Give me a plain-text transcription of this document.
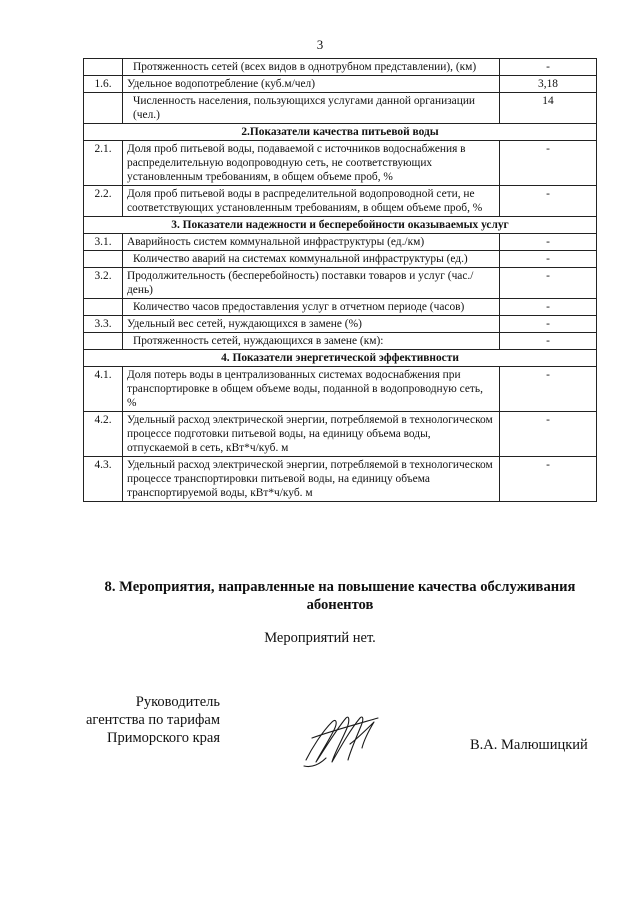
3
	Протяженность сетей (всех видов в однотрубном представлении), (км)	-
1.6.	Удельное водопотребление (куб.м/чел)	3,18
	Численность населения, пользующихся услугами данной организации (чел.)	14
2.Показатели качества питьевой воды		
2.1.	Доля проб питьевой воды, подаваемой с источников водоснабжения в распределительную водопроводную сеть, не соответствующих установленным требованиям, в общем объеме проб, %	-
2.2.	Доля проб питьевой воды в распределительной водопроводной сети, не соответствующих установленным требованиям, в общем объеме проб, %	-
3. Показатели надежности и бесперебойности оказываемых услуг		
3.1.	Аварийность систем коммунальной инфраструктуры (ед./км)	-
	Количество аварий на системах коммунальной инфраструктуры (ед.)	-
3.2.	Продолжительность (бесперебойность) поставки товаров и услуг (час./день)	-
	Количество часов предоставления услуг в отчетном периоде (часов)	-
3.3.	Удельный вес сетей, нуждающихся в замене (%)	-
	Протяженность сетей, нуждающихся в замене (км):	-
4. Показатели энергетической эффективности		
4.1.	Доля потерь воды в централизованных системах водоснабжения при транспортировке в общем объеме воды, поданной в водопроводную сеть, %	-
4.2.	Удельный расход электрической энергии, потребляемой в технологическом процессе подготовки питьевой воды, на единицу объема воды, отпускаемой в сеть, кВт*ч/куб. м	-
4.3.	Удельный расход электрической энергии, потребляемой в технологическом процессе транспортировки питьевой воды, на единицу объема транспортируемой воды, кВт*ч/куб. м	-
8. Мероприятия, направленные на повышение качества обслуживания абонентов
Мероприятий нет.
Руководитель
агентства по тарифам
Приморского края	В.А. Малюшицкий
